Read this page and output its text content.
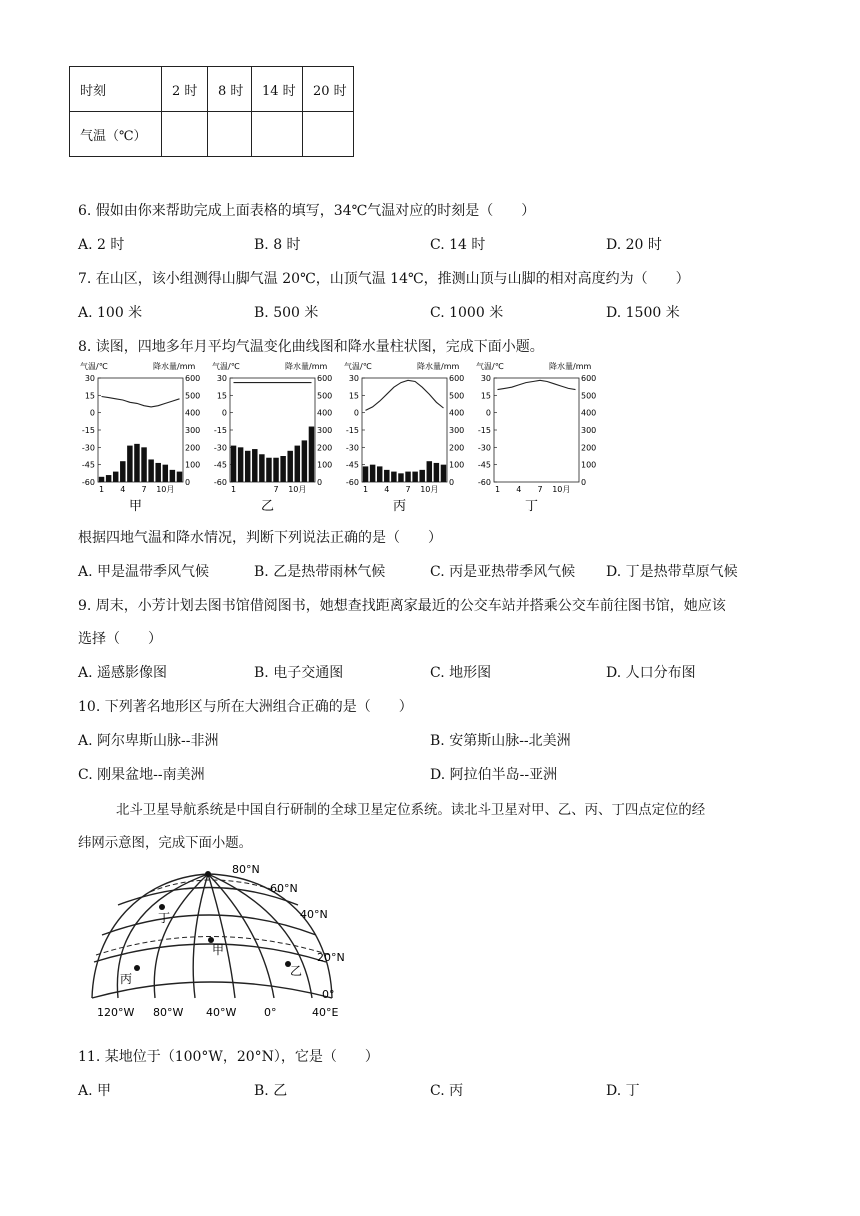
时刻	2 时	8 时	14 时	20 时
气温（℃）				
6. 假如由你来帮助完成上面表格的填写，34℃气温对应的时刻是（　　）
A. 2 时	B. 8 时	C. 14 时	D. 20 时
7. 在山区，该小组测得山脚气温 20℃，山顶气温 14℃，推测山顶与山脚的相对高度约为（　　）
A. 100 米	B. 500 米	C. 1000 米	D. 1500 米
8. 读图，四地多年月平均气温变化曲线图和降水量柱状图，完成下面小题。
气温/℃	降水量/mm
30
15
0
-15
-30
-45
-60
600
500
400
300
200
100
0
1 4 7 10月
甲
气温/℃	降水量/mm
30
15
0
-15
-30
-45
-60
600
500
400
300
200
100
0
1	7 10月
乙
气温/℃	降水量/mm
30
15
0
-15
-30
-45
-60
600
500
400
300
200
100
0
1 4 7 10月
丙
气温/℃	降水量/mm
30
15
0
-15
-30
-45
-60
600
500
400
300
200
100
0
1 4 7 10月
丁
根据四地气温和降水情况，判断下列说法正确的是（　　）
A. 甲是温带季风气候	B. 乙是热带雨林气候	C. 丙是亚热带季风气候 D. 丁是热带草原气候
9. 周末，小芳计划去图书馆借阅图书，她想查找距离家最近的公交车站并搭乘公交车前往图书馆，她应该
选择（　　）
A. 遥感影像图	B. 电子交通图	C. 地形图	D. 人口分布图
10. 下列著名地形区与所在大洲组合正确的是（　　）
A. 阿尔卑斯山脉--非洲	B. 安第斯山脉--北美洲
C. 刚果盆地--南美洲	D. 阿拉伯半岛--亚洲
北斗卫星导航系统是中国自行研制的全球卫星定位系统。读北斗卫星对甲、乙、丙、丁四点定位的经
纬网示意图，完成下面小题。
丁
甲
丙
乙
80°N
60°N
40°N
20°N
0°
120°W 80°W 40°W	0°	40°E
11. 某地位于（100°W，20°N），它是（　　）
A. 甲	B. 乙	C. 丙	D. 丁
